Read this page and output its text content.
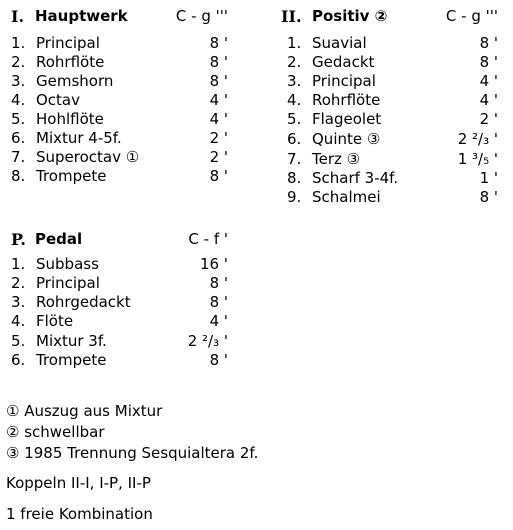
I. Hauptwerk	C - g '''
1. Principal	8 '
2. Rohrflöte	8 '
3. Gemshorn	8 '
4. Octav	4 '
5. Hohlflöte	4 '
6. Mixtur 4-5f.	2 '
7. Superoctav ①	2 '
8. Trompete	8 '
II. Positiv ②	C - g '''
1. Suavial	8 '
2. Gedackt	8 '
3. Principal	4 '
4. Rohrflöte	4 '
5. Flageolet	2 '
6. Quinte ③	2 ²/₃ '
7. Terz ③	1 ³/₅ '
8. Scharf 3-4f.	1 '
9. Schalmei	8 '
P. Pedal	C - f '
1. Subbass	16 '
2. Principal	8 '
3. Rohrgedackt	8 '
4. Flöte	4 '
5. Mixtur 3f.	2 ²/₃ '
6. Trompete	8 '
① Auszug aus Mixtur
② schwellbar
③ 1985 Trennung Sesquialtera 2f.
Koppeln II-I, I-P, II-P
1 freie Kombination
